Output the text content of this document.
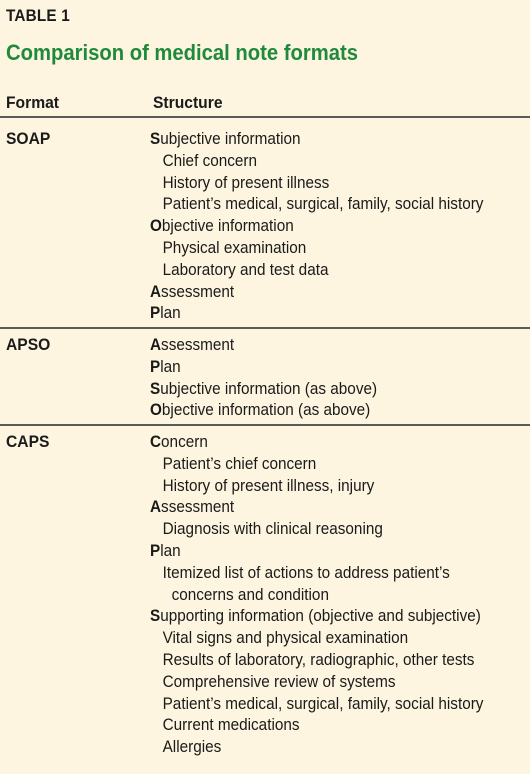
TABLE 1
Comparison of medical note formats
Format	Structure
SOAP	Subjective information
Chief concern
History of present illness
Patient’s medical, surgical, family, social history
Objective information
Physical examination
Laboratory and test data
Assessment
Plan
APSO	Assessment
Plan
Subjective information (as above)
Objective information (as above)
CAPS	Concern
Patient’s chief concern
History of present illness, injury
Assessment
Diagnosis with clinical reasoning
Plan
Itemized list of actions to address patient’s
concerns and condition
Supporting information (objective and subjective)
Vital signs and physical examination
Results of laboratory, radiographic, other tests
Comprehensive review of systems
Patient’s medical, surgical, family, social history
Current medications
Allergies
